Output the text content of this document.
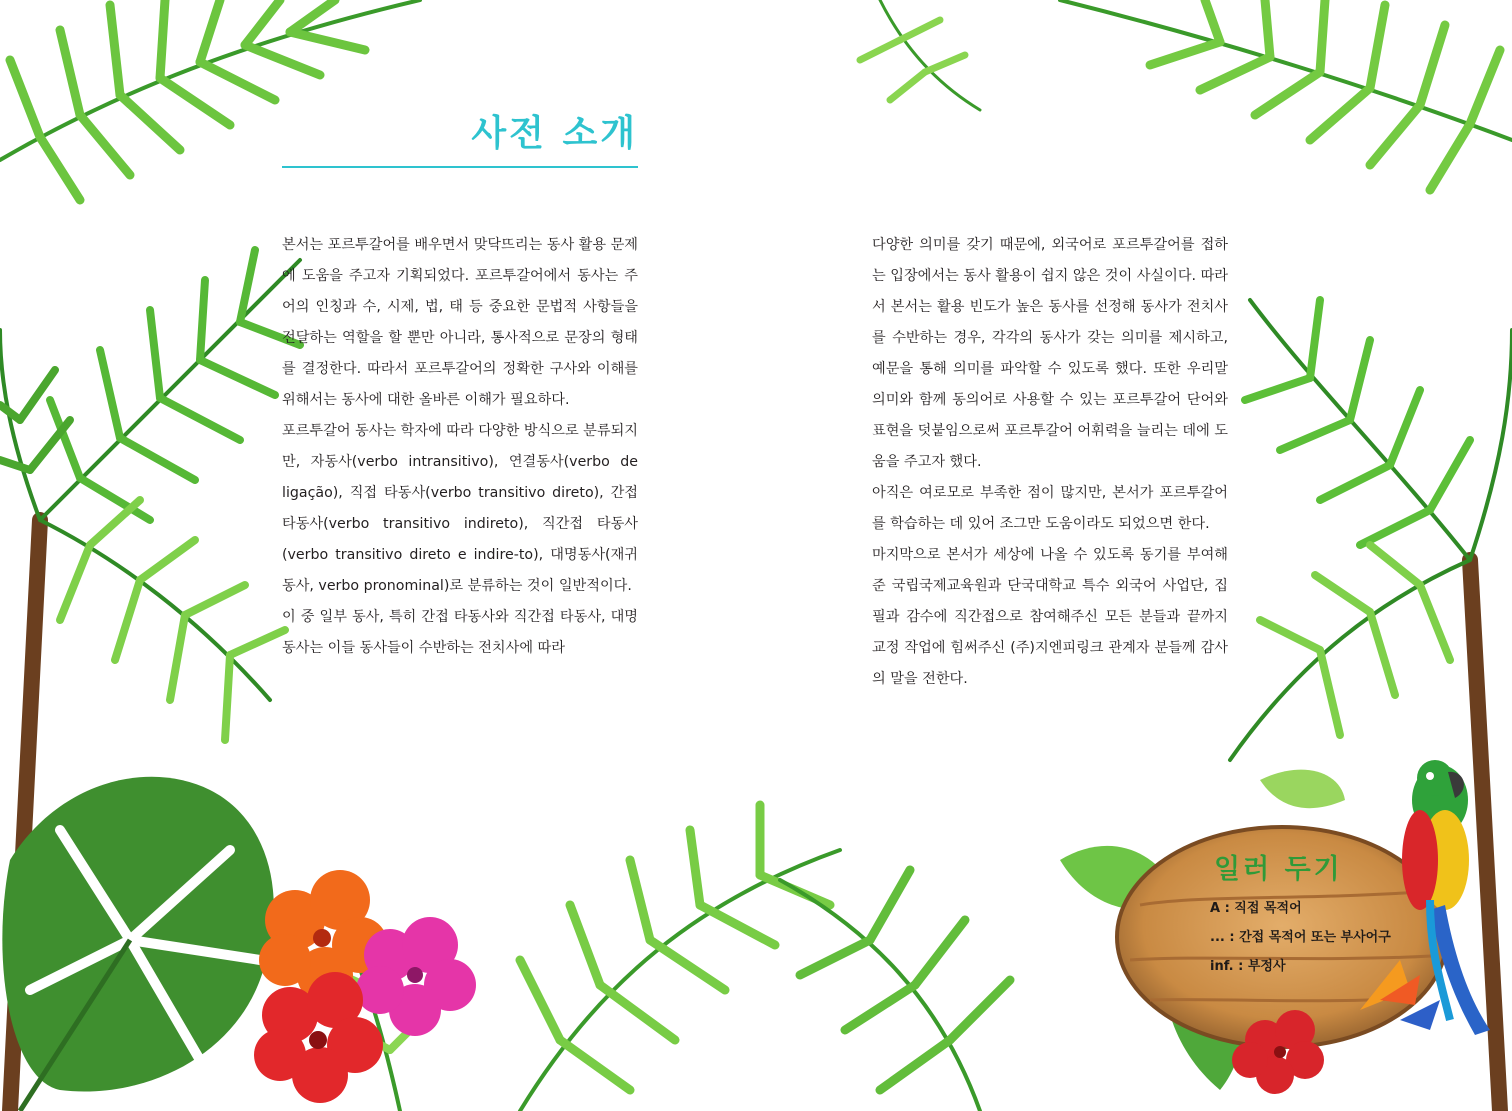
사전 소개

본서는 포르투갈어를 배우면서 맞닥뜨리는 동사 활용 문제에 도움을 주고자 기획되었다. 포르투갈어에서 동사는 주어의 인칭과 수, 시제, 법, 태 등 중요한 문법적 사항들을 전달하는 역할을 할 뿐만 아니라, 통사적으로 문장의 형태를 결정한다. 따라서 포르투갈어의 정확한 구사와 이해를 위해서는 동사에 대한 올바른 이해가 필요하다.

포르투갈어 동사는 학자에 따라 다양한 방식으로 분류되지만, 자동사(verbo intransitivo), 연결동사(verbo de ligação), 직접 타동사(verbo transitivo direto), 간접 타동사(verbo transitivo indireto), 직간접 타동사(verbo transitivo direto e indire-to), 대명동사(재귀동사, verbo pronominal)로 분류하는 것이 일반적이다.

이 중 일부 동사, 특히 간접 타동사와 직간접 타동사, 대명동사는 이들 동사들이 수반하는 전치사에 따라

다양한 의미를 갖기 때문에, 외국어로 포르투갈어를 접하는 입장에서는 동사 활용이 쉽지 않은 것이 사실이다. 따라서 본서는 활용 빈도가 높은 동사를 선정해 동사가 전치사를 수반하는 경우, 각각의 동사가 갖는 의미를 제시하고, 예문을 통해 의미를 파악할 수 있도록 했다. 또한 우리말 의미와 함께 동의어로 사용할 수 있는 포르투갈어 단어와 표현을 덧붙임으로써 포르투갈어 어휘력을 늘리는 데에 도움을 주고자 했다.

아직은 여로모로 부족한 점이 많지만, 본서가 포르투갈어를 학습하는 데 있어 조그만 도움이라도 되었으면 한다.

마지막으로 본서가 세상에 나올 수 있도록 동기를 부여해 준 국립국제교육원과 단국대학교 특수 외국어 사업단, 집필과 감수에 직간접으로 참여해주신 모든 분들과 끝까지 교정 작업에 힘써주신 (주)지엔피링크 관계자 분들께 감사의 말을 전한다.

일러 두기
A : 직접 목적어
... : 간접 목적어 또는 부사어구
inf. : 부정사
